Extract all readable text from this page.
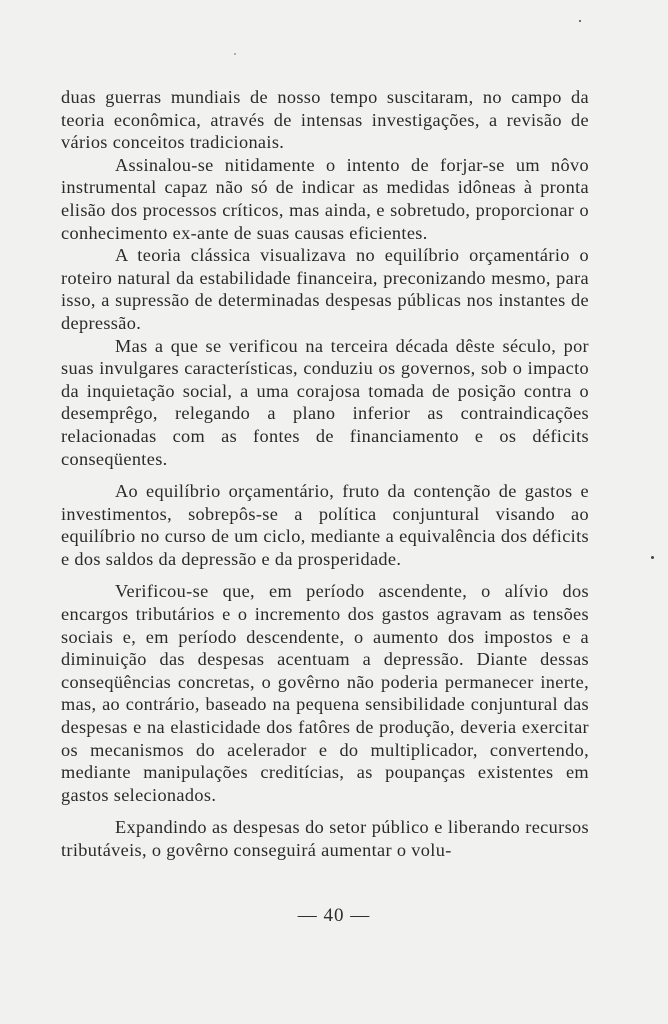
duas guerras mundiais de nosso tempo suscitaram, no campo da teoria econômica, através de intensas investigações, a revisão de vários conceitos tradicionais.

Assinalou-se nitidamente o intento de forjar-se um nôvo instrumental capaz não só de indicar as medidas idôneas à pronta elisão dos processos críticos, mas ainda, e sobretudo, proporcionar o conhecimento ex-ante de suas causas eficientes.

A teoria clássica visualizava no equilíbrio orçamentário o roteiro natural da estabilidade financeira, preconizando mesmo, para isso, a supressão de determinadas despesas públicas nos instantes de depressão.

Mas a que se verificou na terceira década dêste século, por suas invulgares características, conduziu os governos, sob o impacto da inquietação social, a uma corajosa tomada de posição contra o desemprêgo, relegando a plano inferior as contraindicações relacionadas com as fontes de financiamento e os déficits conseqüentes.

Ao equilíbrio orçamentário, fruto da contenção de gastos e investimentos, sobrepôs-se a política conjuntural visando ao equilíbrio no curso de um ciclo, mediante a equivalência dos déficits e dos saldos da depressão e da prosperidade.

Verificou-se que, em período ascendente, o alívio dos encargos tributários e o incremento dos gastos agravam as tensões sociais e, em período descendente, o aumento dos impostos e a diminuição das despesas acentuam a depressão. Diante dessas conseqüências concretas, o govêrno não poderia permanecer inerte, mas, ao contrário, baseado na pequena sensibilidade conjuntural das despesas e na elasticidade dos fatôres de produção, deveria exercitar os mecanismos do acelerador e do multiplicador, convertendo, mediante manipulações creditícias, as poupanças existentes em gastos selecionados.

Expandindo as despesas do setor público e liberando recursos tributáveis, o govêrno conseguirá aumentar o volu-

— 40 —
